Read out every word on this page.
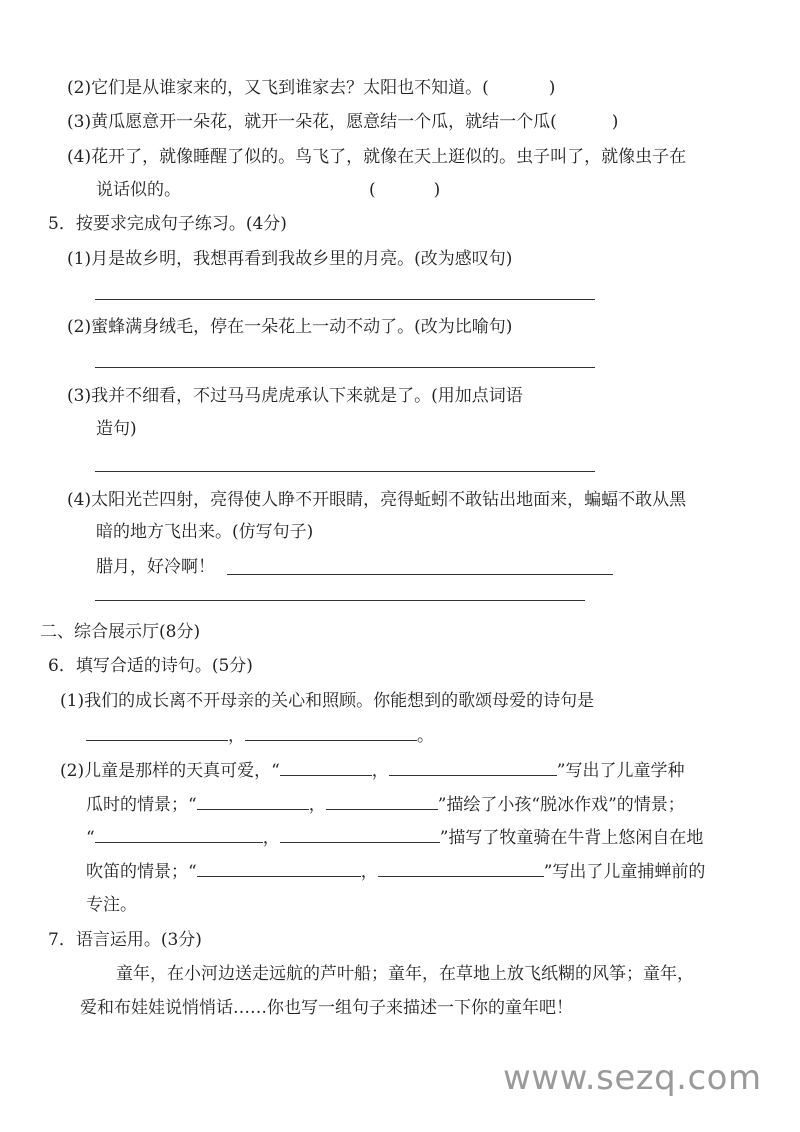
(2)它们是从谁家来的，又飞到谁家去？太阳也不知道。(	)
(3)黄瓜愿意开一朵花，就开一朵花，愿意结一个瓜，就结一个瓜(	)
(4)花开了，就像睡醒了似的。鸟飞了，就像在天上逛似的。虫子叫了，就像虫子在
说话似的。	(	)
5．按要求完成句子练习。(4分)
(1)月是故乡明，我想再看到我故乡里的月亮。(改为感叹句)
(2)蜜蜂满身绒毛，停在一朵花上一动不动了。(改为比喻句)
(3)我并不细看，不过马马虎虎承认下来就是了。(用加点词语
造句)
(4)太阳光芒四射，亮得使人睁不开眼睛，亮得蚯蚓不敢钻出地面来，蝙蝠不敢从黑
暗的地方飞出来。(仿写句子)
腊月，好冷啊！
二、综合展示厅(8分)
6．填写合适的诗句。(5分)
(1)我们的成长离不开母亲的关心和照顾。你能想到的歌颂母爱的诗句是
，	。
(2)儿童是那样的天真可爱，“	，	”写出了儿童学种
瓜时的情景；“	，	”描绘了小孩“脱冰作戏”的情景；
“	，	”描写了牧童骑在牛背上悠闲自在地
吹笛的情景；“	，	”写出了儿童捕蝉前的
专注。
7．语言运用。(3分)
童年，在小河边送走远航的芦叶船；童年，在草地上放飞纸糊的风筝；童年，
爱和布娃娃说悄悄话……你也写一组句子来描述一下你的童年吧！
www.sezq.com
